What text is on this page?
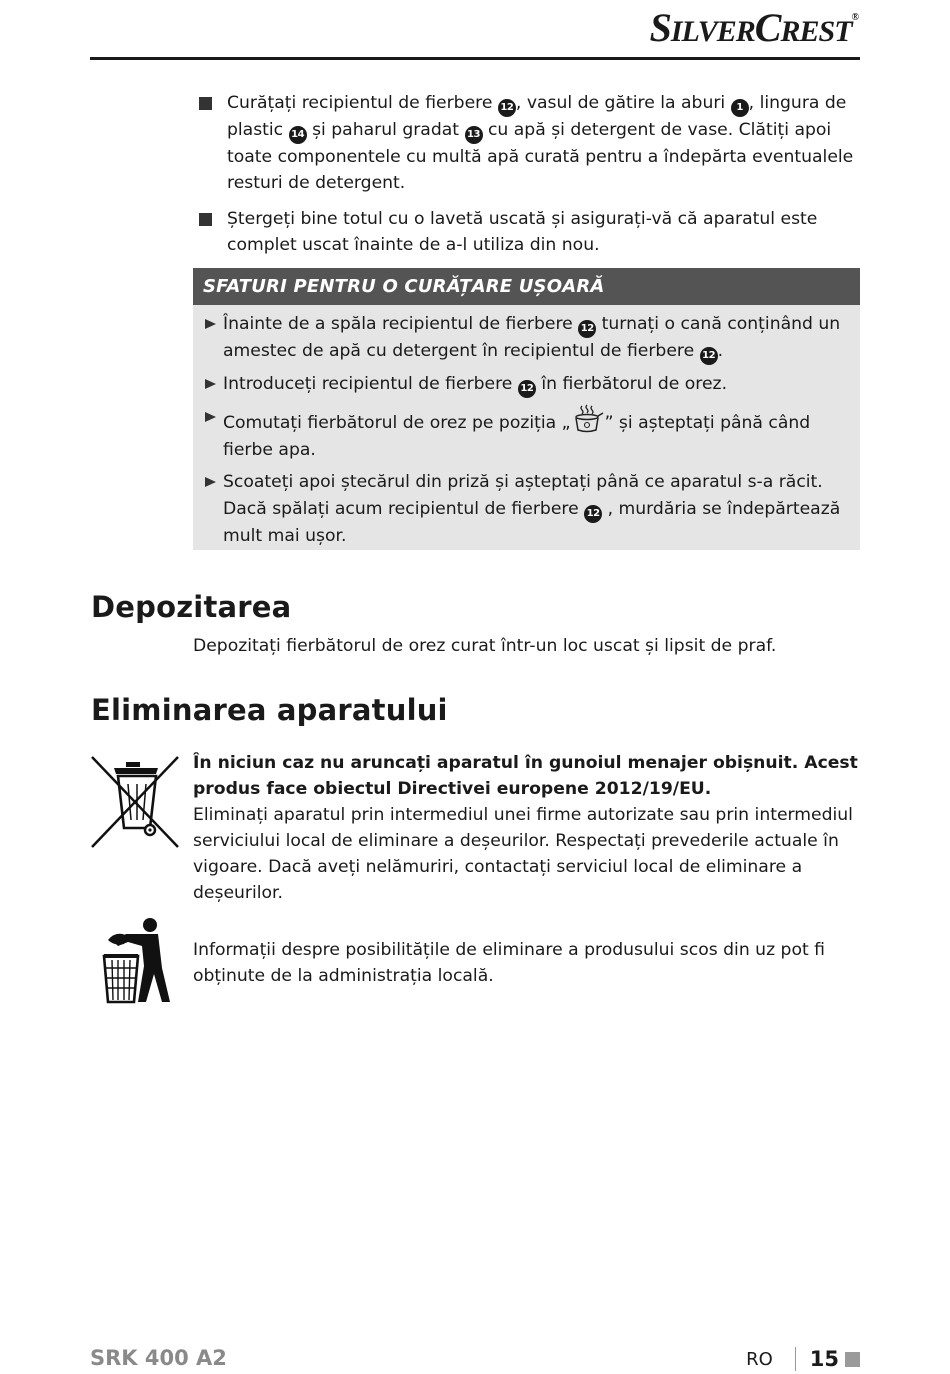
SILVERCREST®
Curățați recipientul de fierbere 12 , vasul de gătire la aburi 1 , lingura de plastic 14 și paharul gradat 13 cu apă și detergent de vase. Clătiți apoi toate componentele cu multă apă curată pentru a îndepărta eventualele resturi de detergent.
Ștergeți bine totul cu o lavetă uscată și asigurați-vă că aparatul este complet uscat înainte de a-l utiliza din nou.
SFATURI PENTRU O CURĂȚARE UȘOARĂ
Înainte de a spăla recipientul de fierbere 12 turnați o cană conținând un amestec de apă cu detergent în recipientul de fierbere 12 .
Introduceți recipientul de fierbere 12 în fierbătorul de orez.
Comutați fierbătorul de orez pe poziția „ ” și așteptați până când fierbe apa.
Scoateți apoi ștecărul din priză și așteptați până ce aparatul s-a răcit. Dacă spălați acum recipientul de fierbere 12 , murdăria se îndepărtează mult mai ușor.
Depozitarea
Depozitați fierbătorul de orez curat într-un loc uscat și lipsit de praf.
Eliminarea aparatului
În niciun caz nu aruncați aparatul în gunoiul menajer obișnuit. Acest produs face obiectul Directivei europene 2012/19/EU.
Eliminați aparatul prin intermediul unei firme autorizate sau prin intermediul serviciului local de eliminare a deșeurilor. Respectați prevederile actuale în vigoare. Dacă aveți nelămuriri, contactați serviciul local de eliminare a deșeurilor.
Informații despre posibilitățile de eliminare a produsului scos din uz pot fi obținute de la administrația locală.
SRK 400 A2	RO 15
